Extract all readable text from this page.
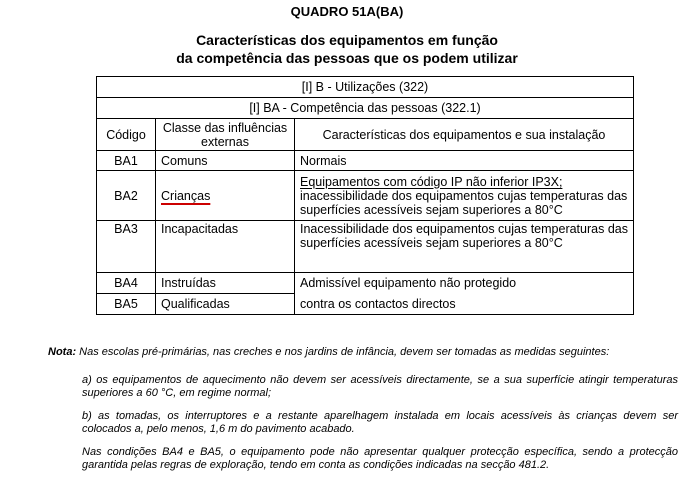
QUADRO 51A(BA)
Características dos equipamentos em função
da competência das pessoas que os podem utilizar
[I] B - Utilizações (322)		
[I] BA - Competência das pessoas (322.1)		
Código	Classe das influências externas	Características dos equipamentos e sua instalação
BA1	Comuns	Normais
BA2	Crianças	Equipamentos com código IP não inferior IP3X;
inacessibilidade dos equipamentos cujas temperaturas das superfícies acessíveis sejam superiores a 80°C
BA3	Incapacitadas	Inacessibilidade dos equipamentos cujas temperaturas das superfícies acessíveis sejam superiores a 80°C
BA4	Instruídas	Admissível equipamento não protegido
BA5	Qualificadas	contra os contactos directos
Nota: Nas escolas pré-primárias, nas creches e nos jardins de infância, devem ser tomadas as medidas seguintes:

a) os equipamentos de aquecimento não devem ser acessíveis directamente, se a sua superfície atingir temperaturas superiores a 60 °C, em regime normal;

b) as tomadas, os interruptores e a restante aparelhagem instalada em locais acessíveis às crianças devem ser colocados a, pelo menos, 1,6 m do pavimento acabado.

Nas condições BA4 e BA5, o equipamento pode não apresentar qualquer protecção específica, sendo a protecção garantida pelas regras de exploração, tendo em conta as condições indicadas na secção 481.2.
